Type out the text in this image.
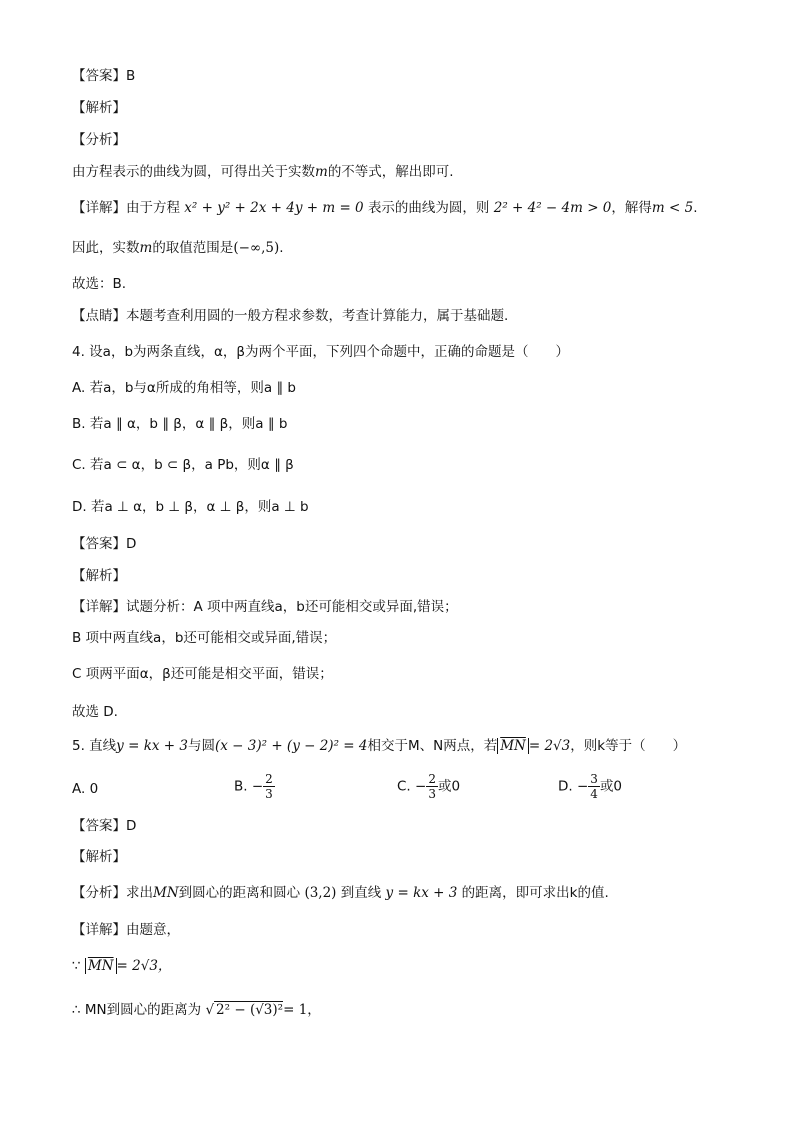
【答案】B
【解析】
【分析】
由方程表示的曲线为圆，可得出关于实数m的不等式，解出即可.
【详解】由于方程 x² + y² + 2x + 4y + m = 0 表示的曲线为圆，则 2² + 4² − 4m > 0，解得m < 5.
因此，实数m的取值范围是(−∞,5).
故选：B.
【点睛】本题考查利用圆的一般方程求参数，考查计算能力，属于基础题.
4. 设a，b为两条直线，α，β为两个平面，下列四个命题中，正确的命题是（　　）
A. 若a，b与α所成的角相等，则a ∥ b
B. 若a ∥ α，b ∥ β，α ∥ β，则a ∥ b
C. 若a ⊂ α，b ⊂ β，a Pb，则α ∥ β
D. 若a ⊥ α，b ⊥ β，α ⊥ β，则a ⊥ b
【答案】D
【解析】
【详解】试题分析：A 项中两直线a，b还可能相交或异面,错误；
B 项中两直线a，b还可能相交或异面,错误；
C 项两平面α，β还可能是相交平面，错误；
故选 D.
5. 直线y = kx + 3与圆(x − 3)² + (y − 2)² = 4相交于M、N两点，若 $\overline{MN} = 2√3$，则k等于（　　）
A. 0	B. − $\frac{2}{3}$	C. − $\frac{2}{3}$ 或0	D. − $\frac{3}{4}$ 或0
【答案】D
【解析】
【分析】求出MN到圆心的距离和圆心 (3,2) 到直线 y = kx + 3 的距离，即可求出k的值.
【详解】由题意，
∵ $\overline{MN} = 2√3$，
∴ MN到圆心的距离为 √ 2² − (√3)²= 1，
